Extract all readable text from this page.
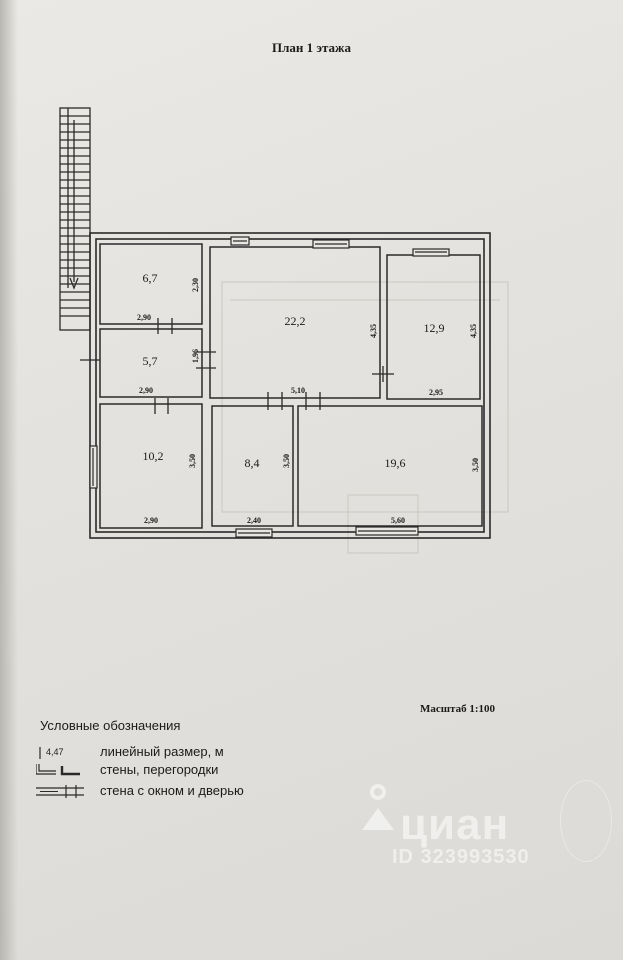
План 1 этажа
6,7
5,7
10,2
22,2	12,9
8,4	19,6
2,90
2,90
2,90
5,10	2,95
2,40	5,60
2,30
1,96
3,50
4,35	4,35
3,50	3,50
Масштаб 1:100
Условные обозначения
4,47	линейный размер, м
стены, перегородки
стена с окном и дверью
циан
ID 323993530
